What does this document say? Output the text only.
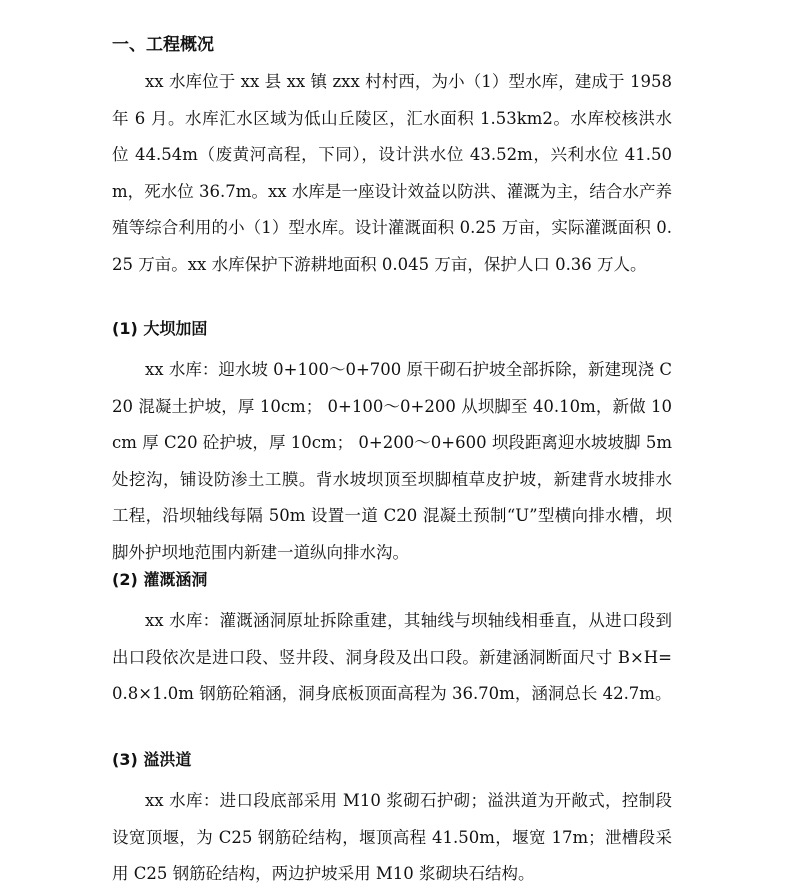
一、工程概况

xx 水库位于 xx 县 xx 镇 zxx 村村西，为小（1）型水库，建成于 1958 年 6 月。水库汇水区域为低山丘陵区，汇水面积 1.53km2。水库校核洪水位 44.54m（废黄河高程，下同），设计洪水位 43.52m，兴利水位 41.50m，死水位 36.7m。xx 水库是一座设计效益以防洪、灌溉为主，结合水产养殖等综合利用的小（1）型水库。设计灌溉面积 0.25 万亩，实际灌溉面积 0.25 万亩。xx 水库保护下游耕地面积 0.045 万亩，保护人口 0.36 万人。

(1) 大坝加固

xx 水库：迎水坡 0+100～0+700 原干砌石护坡全部拆除，新建现浇 C20 混凝土护坡，厚 10cm； 0+100～0+200 从坝脚至 40.10m，新做 10cm 厚 C20 砼护坡，厚 10cm； 0+200～0+600 坝段距离迎水坡坡脚 5m 处挖沟，铺设防渗土工膜。背水坡坝顶至坝脚植草皮护坡，新建背水坡排水工程，沿坝轴线每隔 50m 设置一道 C20 混凝土预制“U”型横向排水槽，坝脚外护坝地范围内新建一道纵向排水沟。

(2) 灌溉涵洞

xx 水库：灌溉涵洞原址拆除重建，其轴线与坝轴线相垂直，从进口段到出口段依次是进口段、竖井段、洞身段及出口段。新建涵洞断面尺寸 B×H=0.8×1.0m 钢筋砼箱涵，洞身底板顶面高程为 36.70m，涵洞总长 42.7m。

(3) 溢洪道

xx 水库：进口段底部采用 M10 浆砌石护砌；溢洪道为开敞式，控制段设宽顶堰，为 C25 钢筋砼结构，堰顶高程 41.50m，堰宽 17m；泄槽段采用 C25 钢筋砼结构，两边护坡采用 M10 浆砌块石结构。
